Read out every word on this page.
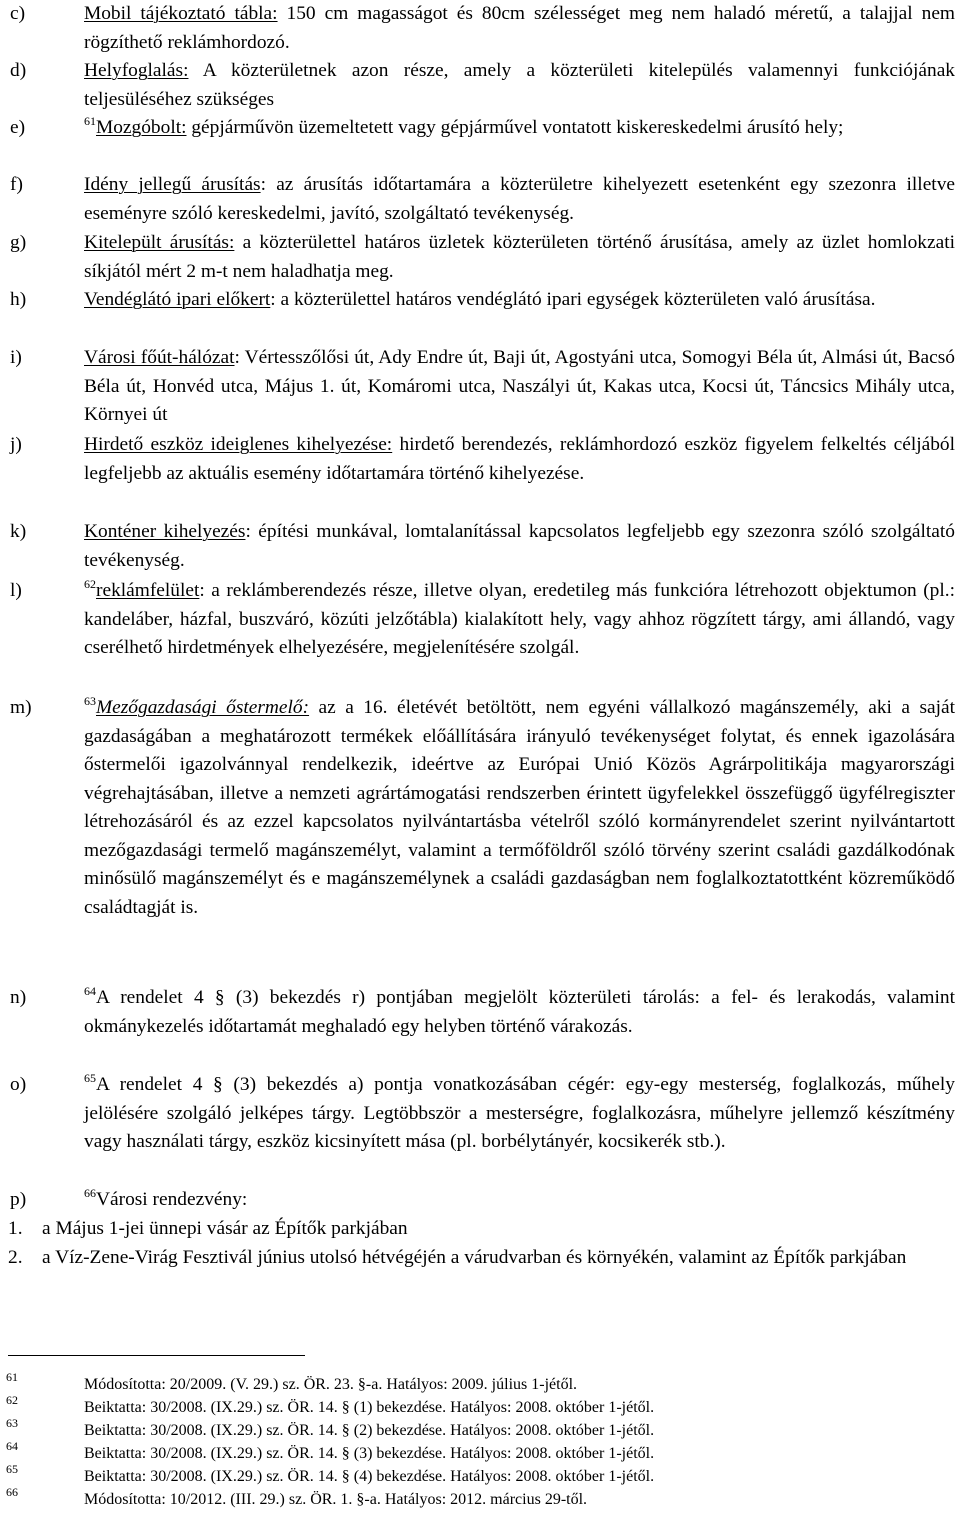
c)	Mobil tájékoztató tábla: 150 cm magasságot és 80cm szélességet meg nem haladó méretű, a talajjal nem rögzíthető reklámhordozó.
d)	Helyfoglalás: A közterületnek azon része, amely a közterületi kitelepülés valamennyi funkciójának teljesüléséhez szükséges
e)	$^{61}$Mozgóbolt: gépjárművön üzemeltetett vagy gépjárművel vontatott kiskereskedelmi árusító hely;
f)	Idény jellegű árusítás: az árusítás időtartamára a közterületre kihelyezett esetenként egy szezonra illetve eseményre szóló kereskedelmi, javító, szolgáltató tevékenység.
g)	Kitelepült árusítás: a közterülettel határos üzletek közterületen történő árusítása, amely az üzlet homlokzati síkjától mért 2 m-t nem haladhatja meg.
h)	Vendéglátó ipari előkert: a közterülettel határos vendéglátó ipari egységek közterületen való árusítása.
i)	Városi főút-hálózat: Vértesszőlősi út, Ady Endre út, Baji út, Agostyáni utca, Somogyi Béla út, Almási út, Bacsó Béla út, Honvéd utca, Május 1. út, Komáromi utca, Naszályi út, Kakas utca, Kocsi út, Táncsics Mihály utca, Környei út
j)	Hirdető eszköz ideiglenes kihelyezése: hirdető berendezés, reklámhordozó eszköz figyelem felkeltés céljából legfeljebb az aktuális esemény időtartamára történő kihelyezése.
k)	Konténer kihelyezés: építési munkával, lomtalanítással kapcsolatos legfeljebb egy szezonra szóló szolgáltató tevékenység.
l)	$^{62}$reklámfelület: a reklámberendezés része, illetve olyan, eredetileg más funkcióra létrehozott objektumon (pl.: kandeláber, házfal, buszváró, közúti jelzőtábla) kialakított hely, vagy ahhoz rögzített tárgy, ami állandó, vagy cserélhető hirdetmények elhelyezésére, megjelenítésére szolgál.
m)	$^{63}$Mezőgazdasági őstermelő: az a 16. életévét betöltött, nem egyéni vállalkozó magánszemély, aki a saját gazdaságában a meghatározott termékek előállítására irányuló tevékenységet folytat, és ennek igazolására őstermelői igazolvánnyal rendelkezik, ideértve az Európai Unió Közös Agrárpolitikája magyarországi végrehajtásában, illetve a nemzeti agrártámogatási rendszerben érintett ügyfelekkel összefüggő ügyfélregiszter létrehozásáról és az ezzel kapcsolatos nyilvántartásba vételről szóló kormányrendelet szerint nyilvántartott mezőgazdasági termelő magánszemélyt, valamint a termőföldről szóló törvény szerint családi gazdálkodónak minősülő magánszemélyt és e magánszemélynek a családi gazdaságban nem foglalkoztatottként közreműködő családtagját is.
n)	$^{64}$A rendelet 4 § (3) bekezdés r) pontjában megjelölt közterületi tárolás: a fel- és lerakodás, valamint okmánykezelés időtartamát meghaladó egy helyben történő várakozás.
o)	$^{65}$A rendelet 4 § (3) bekezdés a) pontja vonatkozásában cégér: egy-egy mesterség, foglalkozás, műhely jelölésére szolgáló jelképes tárgy. Legtöbbször a mesterségre, foglalkozásra, műhelyre jellemző készítmény vagy használati tárgy, eszköz kicsinyített mása (pl. borbélytányér, kocsikerék stb.).
p)	$^{66}$Városi rendezvény:
1. a Május 1-jei ünnepi vásár az Építők parkjában
2. a Víz-Zene-Virág Fesztivál június utolsó hétvégéjén a várudvarban és környékén, valamint az Építők parkjában
61	Módosította: 20/2009. (V. 29.) sz. ÖR. 23. §-a. Hatályos: 2009. július 1-jétől.
62	Beiktatta: 30/2008. (IX.29.) sz. ÖR. 14. § (1) bekezdése. Hatályos: 2008. október 1-jétől.
63	Beiktatta: 30/2008. (IX.29.) sz. ÖR. 14. § (2) bekezdése. Hatályos: 2008. október 1-jétől.
64	Beiktatta: 30/2008. (IX.29.) sz. ÖR. 14. § (3) bekezdése. Hatályos: 2008. október 1-jétől.
65	Beiktatta: 30/2008. (IX.29.) sz. ÖR. 14. § (4) bekezdése. Hatályos: 2008. október 1-jétől.
66	Módosította: 10/2012. (III. 29.) sz. ÖR. 1. §-a. Hatályos: 2012. március 29-től.
